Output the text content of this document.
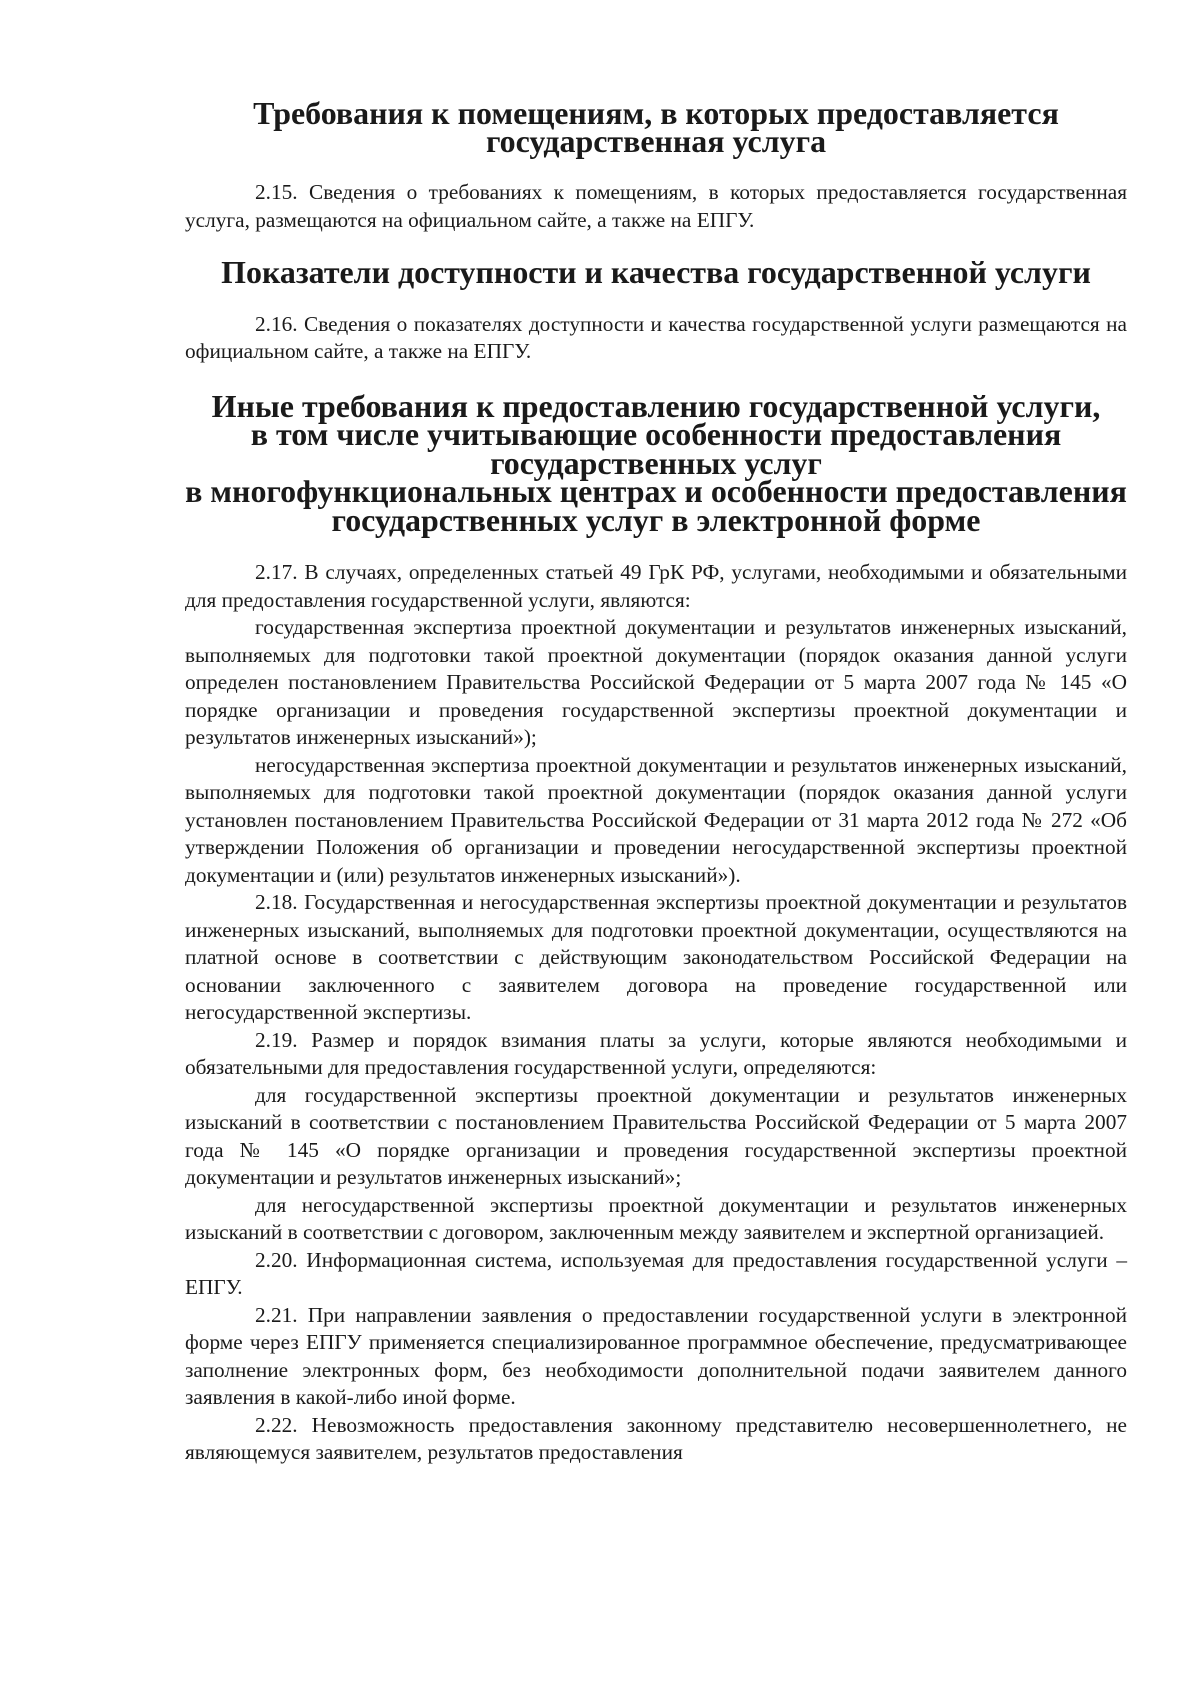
Требования к помещениям, в которых предоставляется государственная услуга

2.15. Сведения о требованиях к помещениям, в которых предоставляется государственная услуга, размещаются на официальном сайте, а также на ЕПГУ.

Показатели доступности и качества государственной услуги

2.16. Сведения о показателях доступности и качества государственной услуги размещаются на официальном сайте, а также на ЕПГУ.

Иные требования к предоставлению государственной услуги,
в том числе учитывающие особенности предоставления государственных услуг
в многофункциональных центрах и особенности предоставления
государственных услуг в электронной форме

2.17. В случаях, определенных статьей 49 ГрК РФ, услугами, необходимыми и обязательными для предоставления государственной услуги, являются:

государственная экспертиза проектной документации и результатов инженерных изысканий, выполняемых для подготовки такой проектной документации (порядок оказания данной услуги определен постановлением Правительства Российской Федерации от 5 марта 2007 года № 145 «О порядке организации и проведения государственной экспертизы проектной документации и результатов инженерных изысканий»);

негосударственная экспертиза проектной документации и результатов инженерных изысканий, выполняемых для подготовки такой проектной документации (порядок оказания данной услуги установлен постановлением Правительства Российской Федерации от 31 марта 2012 года № 272 «Об утверждении Положения об организации и проведении негосударственной экспертизы проектной документации и (или) результатов инженерных изысканий»).

2.18. Государственная и негосударственная экспертизы проектной документации и результатов инженерных изысканий, выполняемых для подготовки проектной документации, осуществляются на платной основе в соответствии с действующим законодательством Российской Федерации на основании заключенного с заявителем договора на проведение государственной или негосударственной экспертизы.

2.19. Размер и порядок взимания платы за услуги, которые являются необходимыми и обязательными для предоставления государственной услуги, определяются:

для государственной экспертизы проектной документации и результатов инженерных изысканий в соответствии с постановлением Правительства Российской Федерации от 5 марта 2007 года № 145 «О порядке организации и проведения государственной экспертизы проектной документации и результатов инженерных изысканий»;

для негосударственной экспертизы проектной документации и результатов инженерных изысканий в соответствии с договором, заключенным между заявителем и экспертной организацией.

2.20. Информационная система, используемая для предоставления государственной услуги – ЕПГУ.

2.21. При направлении заявления о предоставлении государственной услуги в электронной форме через ЕПГУ применяется специализированное программное обеспечение, предусматривающее заполнение электронных форм, без необходимости дополнительной подачи заявителем данного заявления в какой-либо иной форме.

2.22. Невозможность предоставления законному представителю несовершеннолетнего, не являющемуся заявителем, результатов предоставления
